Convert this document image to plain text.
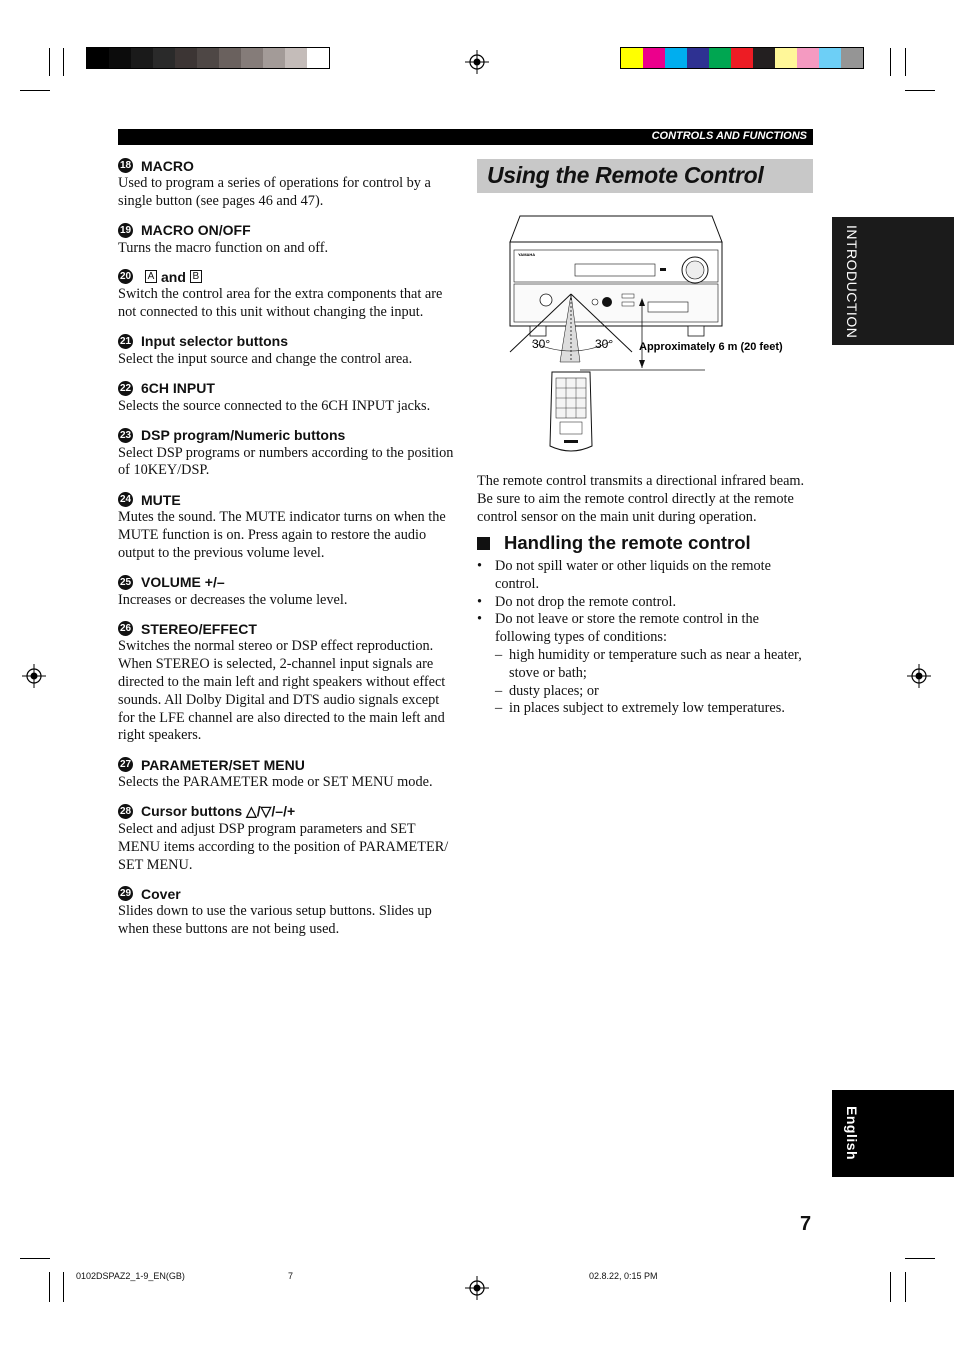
CONTROLS AND FUNCTIONS
18 MACRO
Used to program a series of operations for control by a single button (see pages 46 and 47).
19 MACRO ON/OFF
Turns the macro function on and off.
20 A and B
Switch the control area for the extra components that are not connected to this unit without changing the input.
21 Input selector buttons
Select the input source and change the control area.
22 6CH INPUT
Selects the source connected to the 6CH INPUT jacks.
23 DSP program/Numeric buttons
Select DSP programs or numbers according to the position of 10KEY/DSP.
24 MUTE
Mutes the sound. The MUTE indicator turns on when the MUTE function is on. Press again to restore the audio output to the previous volume level.
25 VOLUME +/–
Increases or decreases the volume level.
26 STEREO/EFFECT
Switches the normal stereo or DSP effect reproduction. When STEREO is selected, 2-channel input signals are directed to the main left and right speakers without effect sounds. All Dolby Digital and DTS audio signals except for the LFE channel are also directed to the main left and right speakers.
27 PARAMETER/SET MENU
Selects the PARAMETER mode or SET MENU mode.
28 Cursor buttons △/▽/–/+
Select and adjust DSP program parameters and SET MENU items according to the position of PARAMETER/ SET MENU.
29 Cover
Slides down to use the various setup buttons. Slides up when these buttons are not being used.
Using the Remote Control
YAMAHA
30°	30° Approximately 6 m (20 feet)
The remote control transmits a directional infrared beam. Be sure to aim the remote control directly at the remote control sensor on the main unit during operation.
Handling the remote control
• Do not spill water or other liquids on the remote control.
• Do not drop the remote control.
• Do not leave or store the remote control in the following types of conditions:
– high humidity or temperature such as near a heater, stove or bath;
– dusty places; or
– in places subject to extremely low temperatures.
INTRODUCTION
English
7
0102DSPAZ2_1-9_EN(GB)	7	02.8.22, 0:15 PM
